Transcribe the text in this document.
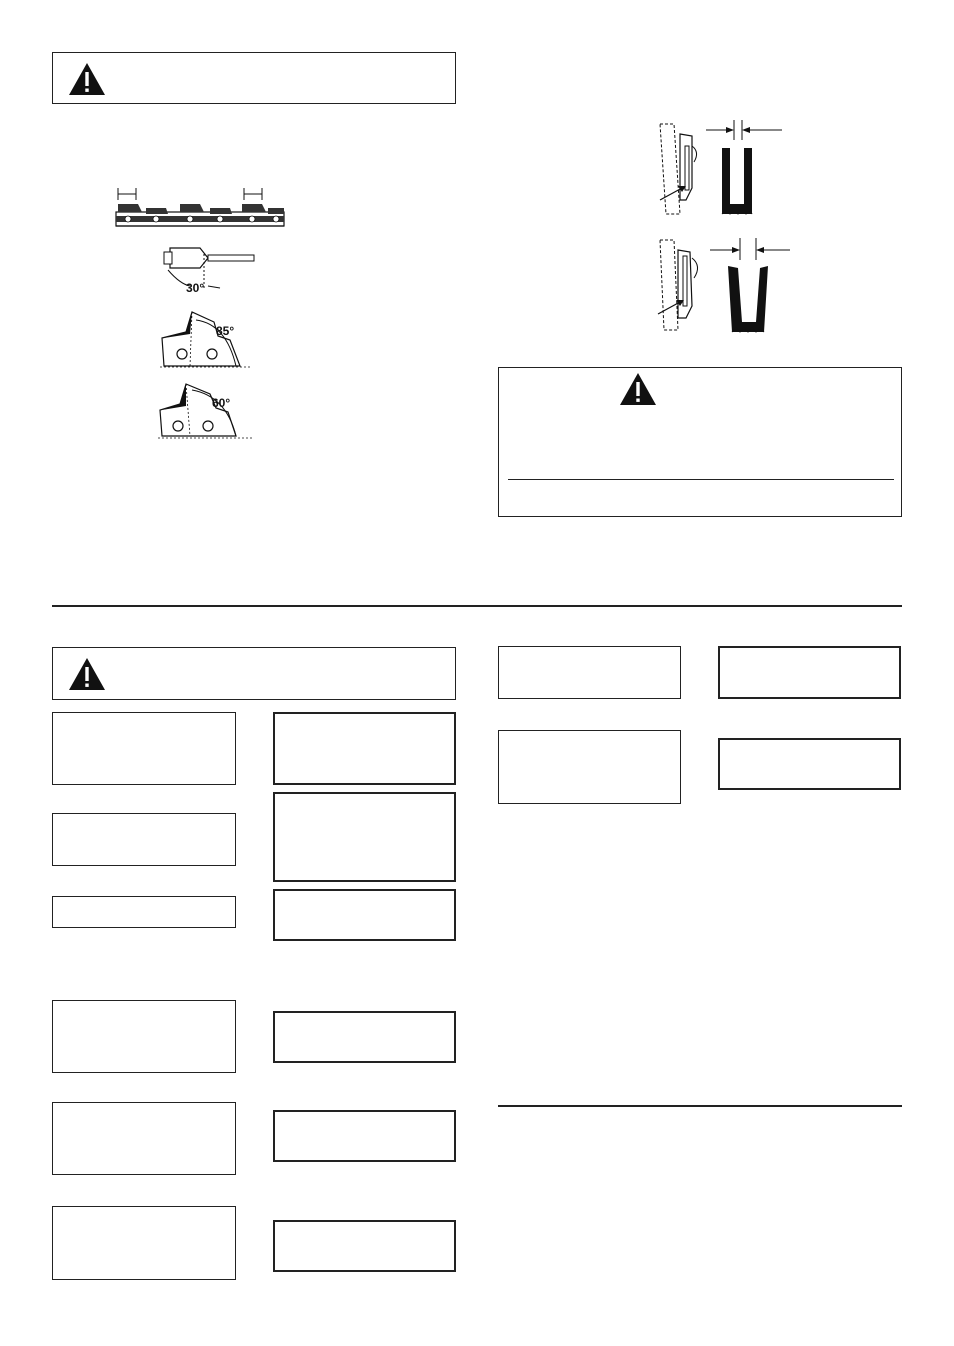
30°
85°
60°
